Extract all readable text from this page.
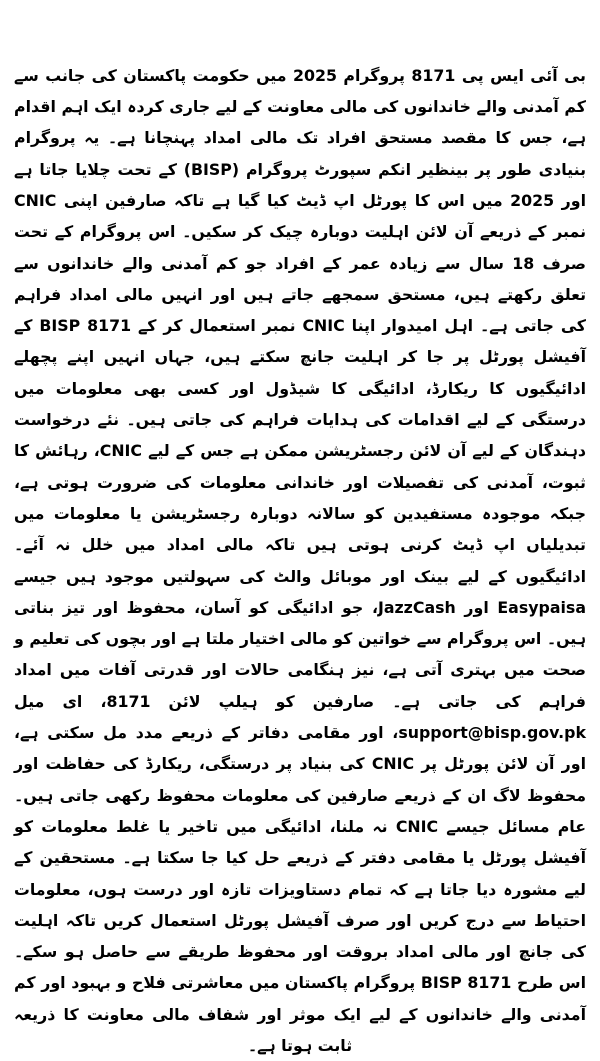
بی آئی ایس پی 8171 پروگرام 2025 میں حکومت پاکستان کی جانب سے کم آمدنی والے خاندانوں کی مالی معاونت کے لیے جاری کردہ ایک اہم اقدام ہے، جس کا مقصد مستحق افراد تک مالی امداد پہنچانا ہے۔ یہ پروگرام بنیادی طور پر بینظیر انکم سپورٹ پروگرام (BISP) کے تحت چلایا جاتا ہے اور 2025 میں اس کا پورٹل اپ ڈیٹ کیا گیا ہے تاکہ صارفین اپنی CNIC نمبر کے ذریعے آن لائن اہلیت دوبارہ چیک کر سکیں۔ اس پروگرام کے تحت صرف 18 سال سے زیادہ عمر کے افراد جو کم آمدنی والے خاندانوں سے تعلق رکھتے ہیں، مستحق سمجھے جاتے ہیں اور انہیں مالی امداد فراہم کی جاتی ہے۔ اہل امیدوار اپنا CNIC نمبر استعمال کر کے BISP 8171 کے آفیشل پورٹل پر جا کر اہلیت جانچ سکتے ہیں، جہاں انہیں اپنے پچھلے ادائیگیوں کا ریکارڈ، ادائیگی کا شیڈول اور کسی بھی معلومات میں درستگی کے لیے اقدامات کی ہدایات فراہم کی جاتی ہیں۔ نئے درخواست دہندگان کے لیے آن لائن رجسٹریشن ممکن ہے جس کے لیے CNIC، رہائش کا ثبوت، آمدنی کی تفصیلات اور خاندانی معلومات کی ضرورت ہوتی ہے، جبکہ موجودہ مستفیدین کو سالانہ دوبارہ رجسٹریشن یا معلومات میں تبدیلیاں اپ ڈیٹ کرنی ہوتی ہیں تاکہ مالی امداد میں خلل نہ آئے۔ ادائیگیوں کے لیے بینک اور موبائل والٹ کی سہولتیں موجود ہیں جیسے Easypaisa اور JazzCash، جو ادائیگی کو آسان، محفوظ اور تیز بناتی ہیں۔ اس پروگرام سے خواتین کو مالی اختیار ملتا ہے اور بچوں کی تعلیم و صحت میں بہتری آتی ہے، نیز ہنگامی حالات اور قدرتی آفات میں امداد فراہم کی جاتی ہے۔ صارفین کو ہیلپ لائن 8171، ای میل support@bisp.gov.pk، اور مقامی دفاتر کے ذریعے مدد مل سکتی ہے، اور آن لائن پورٹل پر CNIC کی بنیاد پر درستگی، ریکارڈ کی حفاظت اور محفوظ لاگ ان کے ذریعے صارفین کی معلومات محفوظ رکھی جاتی ہیں۔ عام مسائل جیسے CNIC نہ ملنا، ادائیگی میں تاخیر یا غلط معلومات کو آفیشل پورٹل یا مقامی دفتر کے ذریعے حل کیا جا سکتا ہے۔ مستحقین کے لیے مشورہ دیا جاتا ہے کہ تمام دستاویزات تازہ اور درست ہوں، معلومات احتیاط سے درج کریں اور صرف آفیشل پورٹل استعمال کریں تاکہ اہلیت کی جانچ اور مالی امداد بروقت اور محفوظ طریقے سے حاصل ہو سکے۔ اس طرح BISP 8171 پروگرام پاکستان میں معاشرتی فلاح و بہبود اور کم آمدنی والے خاندانوں کے لیے ایک موثر اور شفاف مالی معاونت کا ذریعہ ثابت ہوتا ہے۔
